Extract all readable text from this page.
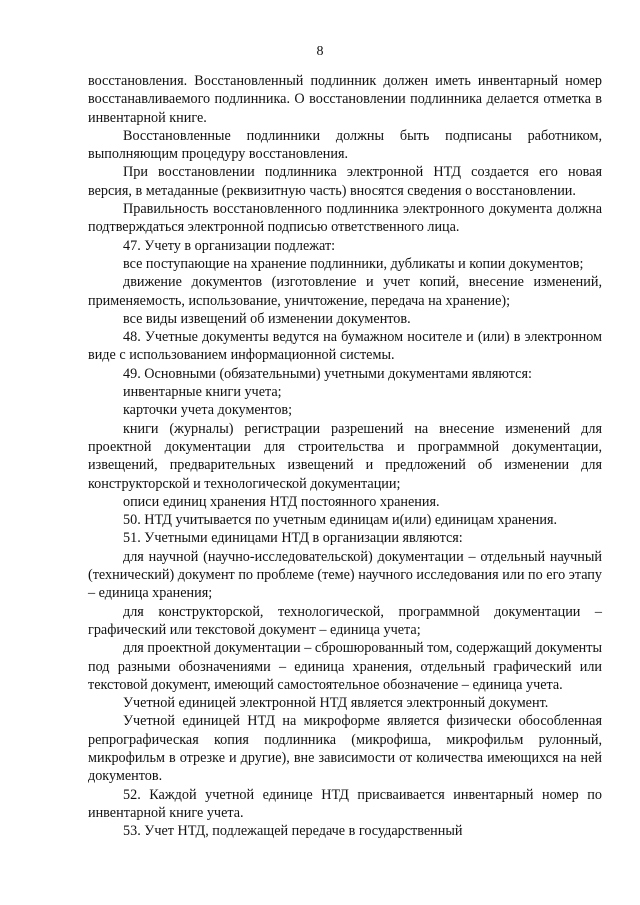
8

восстановления. Восстановленный подлинник должен иметь инвентарный номер восстанавливаемого подлинника. О восстановлении подлинника делается отметка в инвентарной книге.

Восстановленные подлинники должны быть подписаны работником, выполняющим процедуру восстановления.

При восстановлении подлинника электронной НТД создается его новая версия, в метаданные (реквизитную часть) вносятся сведения о восстановлении.

Правильность восстановленного подлинника электронного документа должна подтверждаться электронной подписью ответственного лица.

47. Учету в организации подлежат:

все поступающие на хранение подлинники, дубликаты и копии документов;

движение документов (изготовление и учет копий, внесение изменений, применяемость, использование, уничтожение, передача на хранение);

все виды извещений об изменении документов.

48. Учетные документы ведутся на бумажном носителе и (или) в электронном виде с использованием информационной системы.

49. Основными (обязательными) учетными документами являются:

инвентарные книги учета;

карточки учета документов;

книги (журналы) регистрации разрешений на внесение изменений для проектной документации для строительства и программной документации, извещений, предварительных извещений и предложений об изменении для конструкторской и технологической документации;

описи единиц хранения НТД постоянного хранения.

50. НТД учитывается по учетным единицам и(или) единицам хранения.

51. Учетными единицами НТД в организации являются:

для научной (научно-исследовательской) документации – отдельный научный (технический) документ по проблеме (теме) научного исследования или по его этапу – единица хранения;

для конструкторской, технологической, программной документации – графический или текстовой документ – единица учета;

для проектной документации – сброшюрованный том, содержащий документы под разными обозначениями – единица хранения, отдельный графический или текстовой документ, имеющий самостоятельное обозначение – единица учета.

Учетной единицей электронной НТД является электронный документ.

Учетной единицей НТД на микроформе является физически обособленная репрографическая копия подлинника (микрофиша, микрофильм рулонный, микрофильм в отрезке и другие), вне зависимости от количества имеющихся на ней документов.

52. Каждой учетной единице НТД присваивается инвентарный номер по инвентарной книге учета.

53. Учет НТД, подлежащей передаче в государственный
